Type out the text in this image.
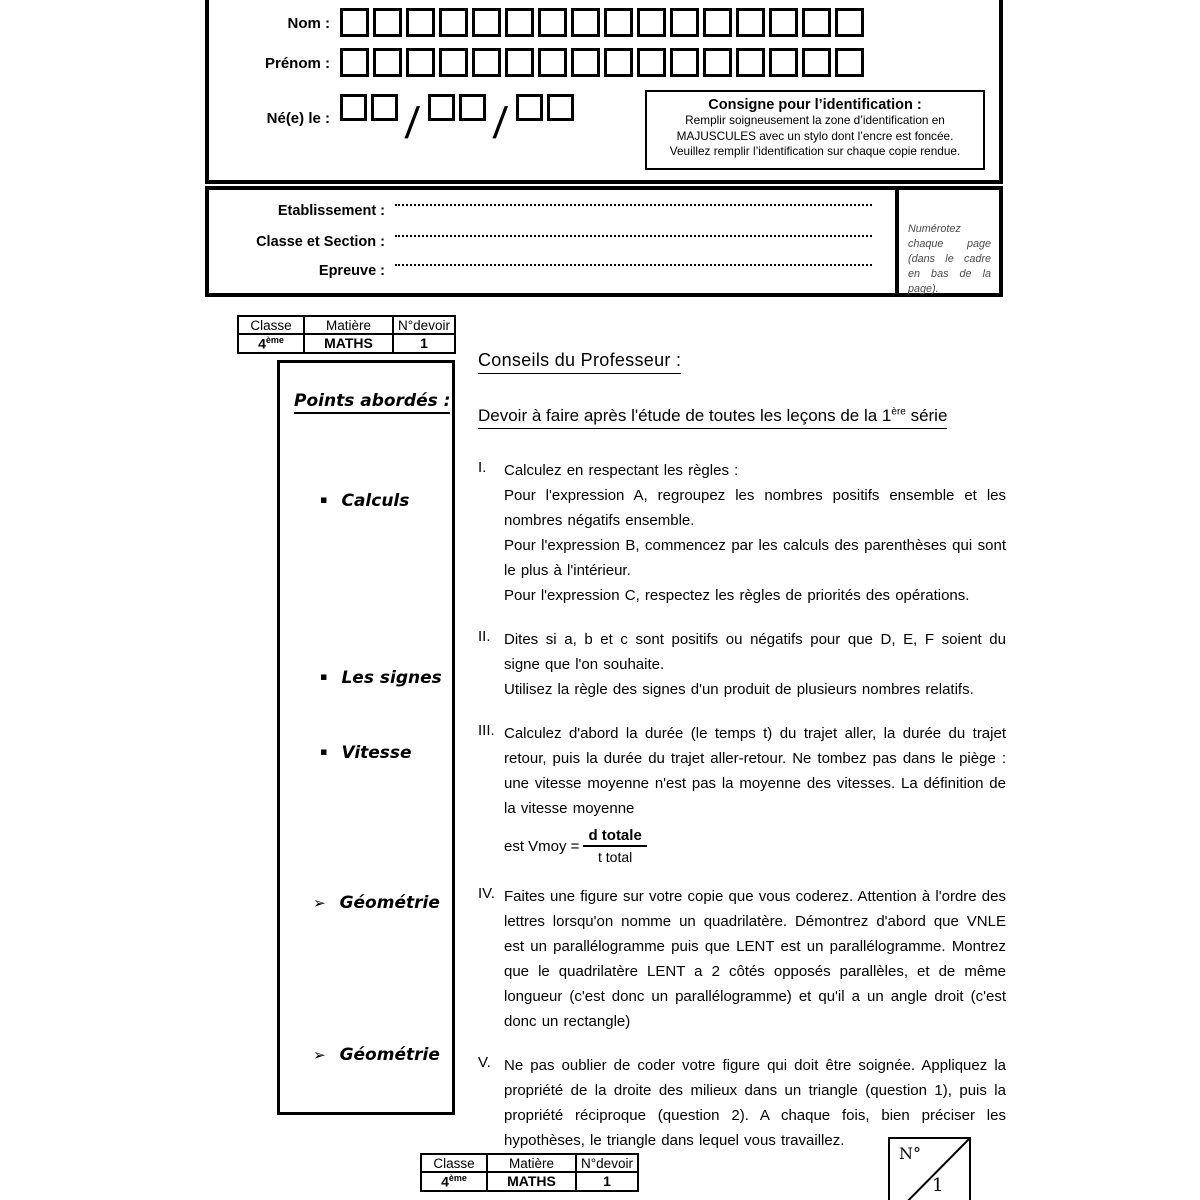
Nom :
Prénom :
Né(e) le : / /	Consigne pour l’identification :
Remplir soigneusement la zone d’identification en
MAJUSCULES avec un stylo dont l’encre est foncée.
Veuillez remplir l’identification sur chaque copie rendue.
Etablissement :
Classe et Section :
Epreuve :
Numérotez chaque page (dans le cadre en bas de la page).
Classe	Matière	N°devoir
4ème	MATHS	1
Points abordés :
▪ Calculs
▪ Les signes
▪ Vitesse
➢ Géométrie
➢ Géométrie
Conseils du Professeur :
Devoir à faire après l'étude de toutes les leçons de la 1ère série
I.	Calculez en respectant les règles :

Pour l'expression A, regroupez les nombres positifs ensemble et les nombres négatifs ensemble.

Pour l'expression B, commencez par les calculs des parenthèses qui sont le plus à l'intérieur.

Pour l'expression C, respectez les règles de priorités des opérations.

II. Dites si a, b et c sont positifs ou négatifs pour que D, E, F soient du signe que l'on souhaite.

Utilisez la règle des signes d'un produit de plusieurs nombres relatifs.

III. Calculez d'abord la durée (le temps t) du trajet aller, la durée du trajet retour, puis la durée du trajet aller-retour. Ne tombez pas dans le piège : une vitesse moyenne n'est pas la moyenne des vitesses. La définition de la vitesse moyenne

est Vmoy = $\frac{\text{d totale}}{\text{t total}}$
IV. Faites une figure sur votre copie que vous coderez. Attention à l'ordre des lettres lorsqu'on nomme un quadrilatère. Démontrez d'abord que VNLE est un parallélogramme puis que LENT est un parallélogramme. Montrez que le quadrilatère LENT a 2 côtés opposés parallèles, et de même longueur (c'est donc un parallélogramme) et qu'il a un angle droit (c'est donc un rectangle)

V. Ne pas oublier de coder votre figure qui doit être soignée. Appliquez la propriété de la droite des milieux dans un triangle (question 1), puis la propriété réciproque (question 2). A chaque fois, bien préciser les hypothèses, le triangle dans lequel vous travaillez.

Classe	Matière	N°devoir
4ème	MATHS	1
N°
1
